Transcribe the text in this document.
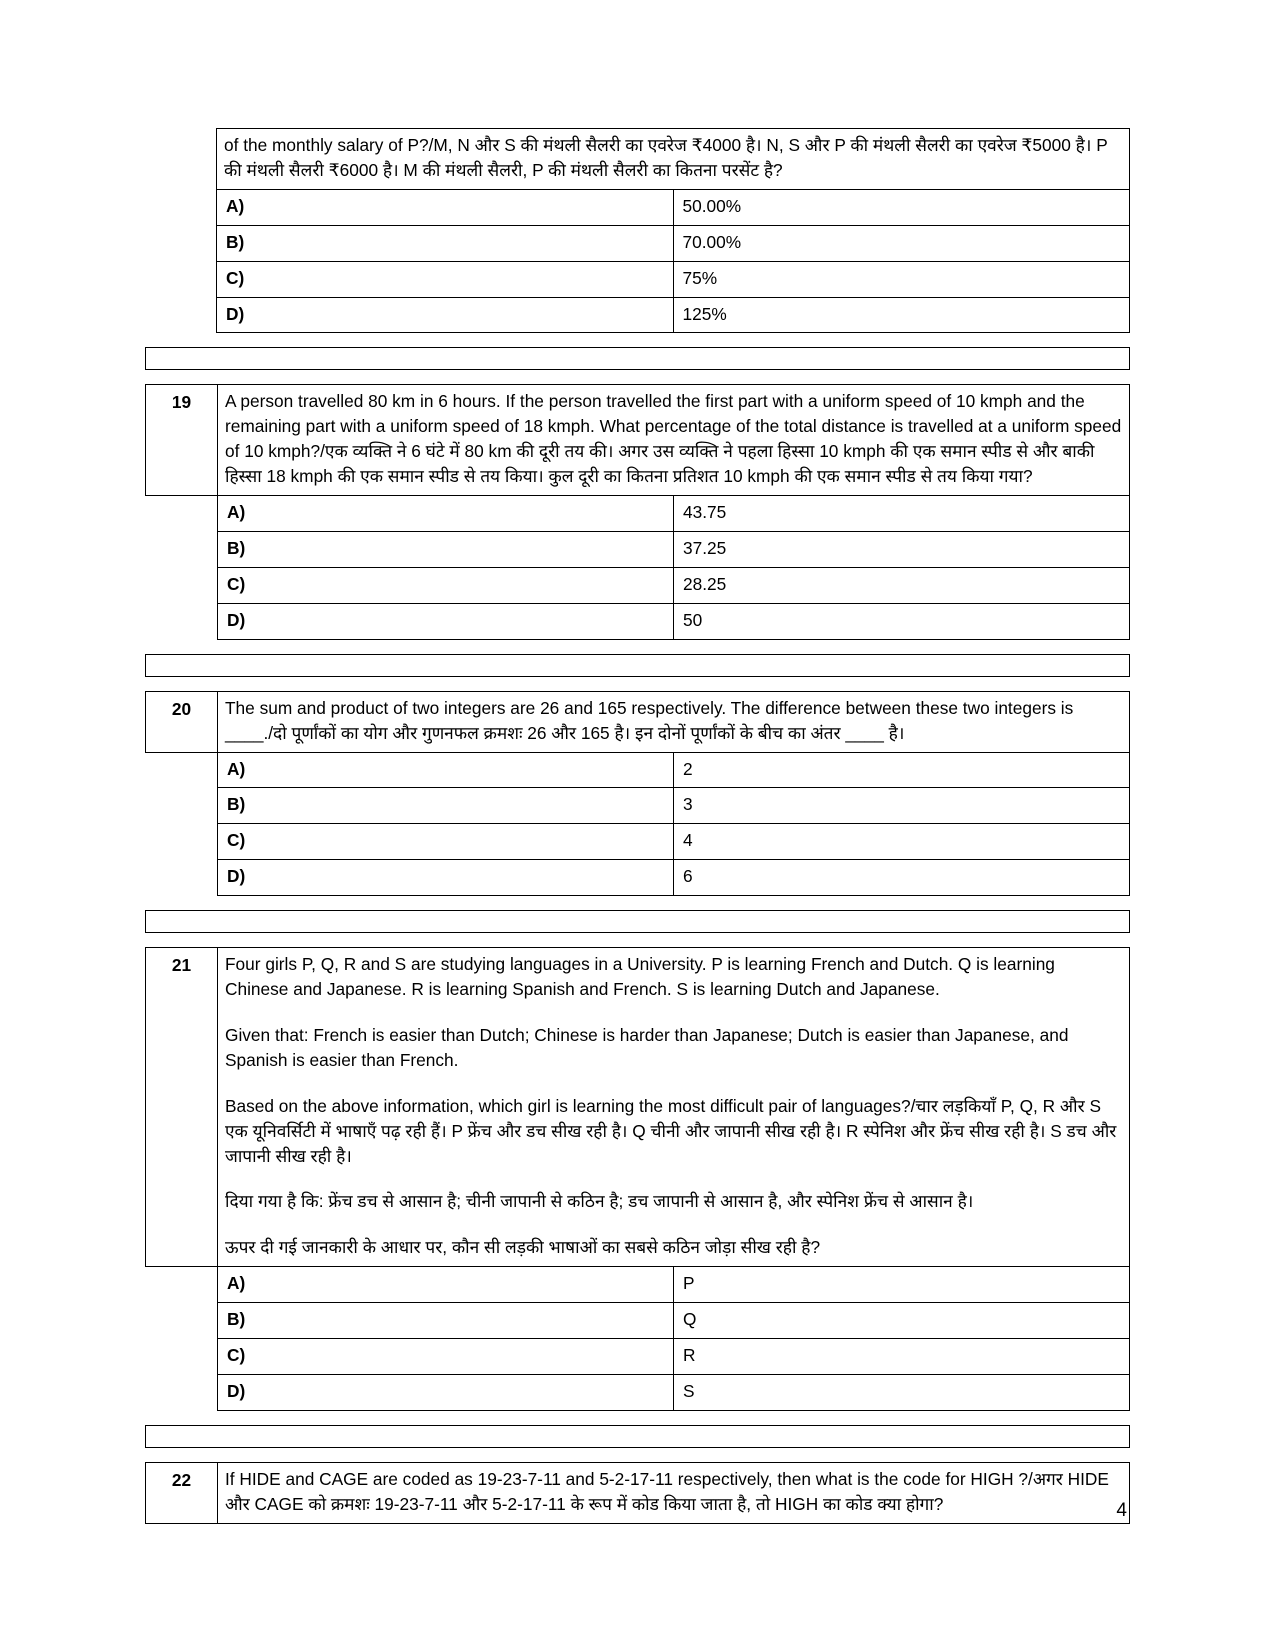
	of the monthly salary of P?/M, N और S की मंथली सैलरी का एवरेज ₹4000 है। N, S और P की मंथली सैलरी का एवरेज ₹5000 है। P की मंथली सैलरी ₹6000 है। M की मंथली सैलरी, P की मंथली सैलरी का कितना परसेंट है?	
	A)	50.00%
	B)	70.00%
	C)	75%
	D)	125%
19	A person travelled 80 km in 6 hours. If the person travelled the first part with a uniform speed of 10 kmph and the remaining part with a uniform speed of 18 kmph. What percentage of the total distance is travelled at a uniform speed of 10 kmph?/एक व्यक्ति ने 6 घंटे में 80 km की दूरी तय की। अगर उस व्यक्ति ने पहला हिस्सा 10 kmph की एक समान स्पीड से और बाकी हिस्सा 18 kmph की एक समान स्पीड से तय किया। कुल दूरी का कितना प्रतिशत 10 kmph की एक समान स्पीड से तय किया गया?	
	A)	43.75
	B)	37.25
	C)	28.25
	D)	50
20	The sum and product of two integers are 26 and 165 respectively. The difference between these two integers is ____./दो पूर्णांकों का योग और गुणनफल क्रमशः 26 और 165 है। इन दोनों पूर्णांकों के बीच का अंतर ____ है।	
	A)	2
	B)	3
	C)	4
	D)	6
21	Four girls P, Q, R and S are studying languages in a University. P is learning French and Dutch. Q is learning Chinese and Japanese. R is learning Spanish and French. S is learning Dutch and Japanese.

Given that: French is easier than Dutch; Chinese is harder than Japanese; Dutch is easier than Japanese, and Spanish is easier than French.

Based on the above information, which girl is learning the most difficult pair of languages?/चार लड़कियाँ P, Q, R और S एक यूनिवर्सिटी में भाषाएँ पढ़ रही हैं। P फ्रेंच और डच सीख रही है। Q चीनी और जापानी सीख रही है। R स्पेनिश और फ्रेंच सीख रही है। S डच और जापानी सीख रही है।

दिया गया है कि: फ्रेंच डच से आसान है; चीनी जापानी से कठिन है; डच जापानी से आसान है, और स्पेनिश फ्रेंच से आसान है।

ऊपर दी गई जानकारी के आधार पर, कौन सी लड़की भाषाओं का सबसे कठिन जोड़ा सीख रही है?	

	A)	P
	B)	Q
	C)	R
	D)	S
22	If HIDE and CAGE are coded as 19-23-7-11 and 5-2-17-11 respectively, then what is the code for HIGH ?/अगर HIDE और CAGE को क्रमशः 19-23-7-11 और 5-2-17-11 के रूप में कोड किया जाता है, तो HIGH का कोड क्या होगा?	4
